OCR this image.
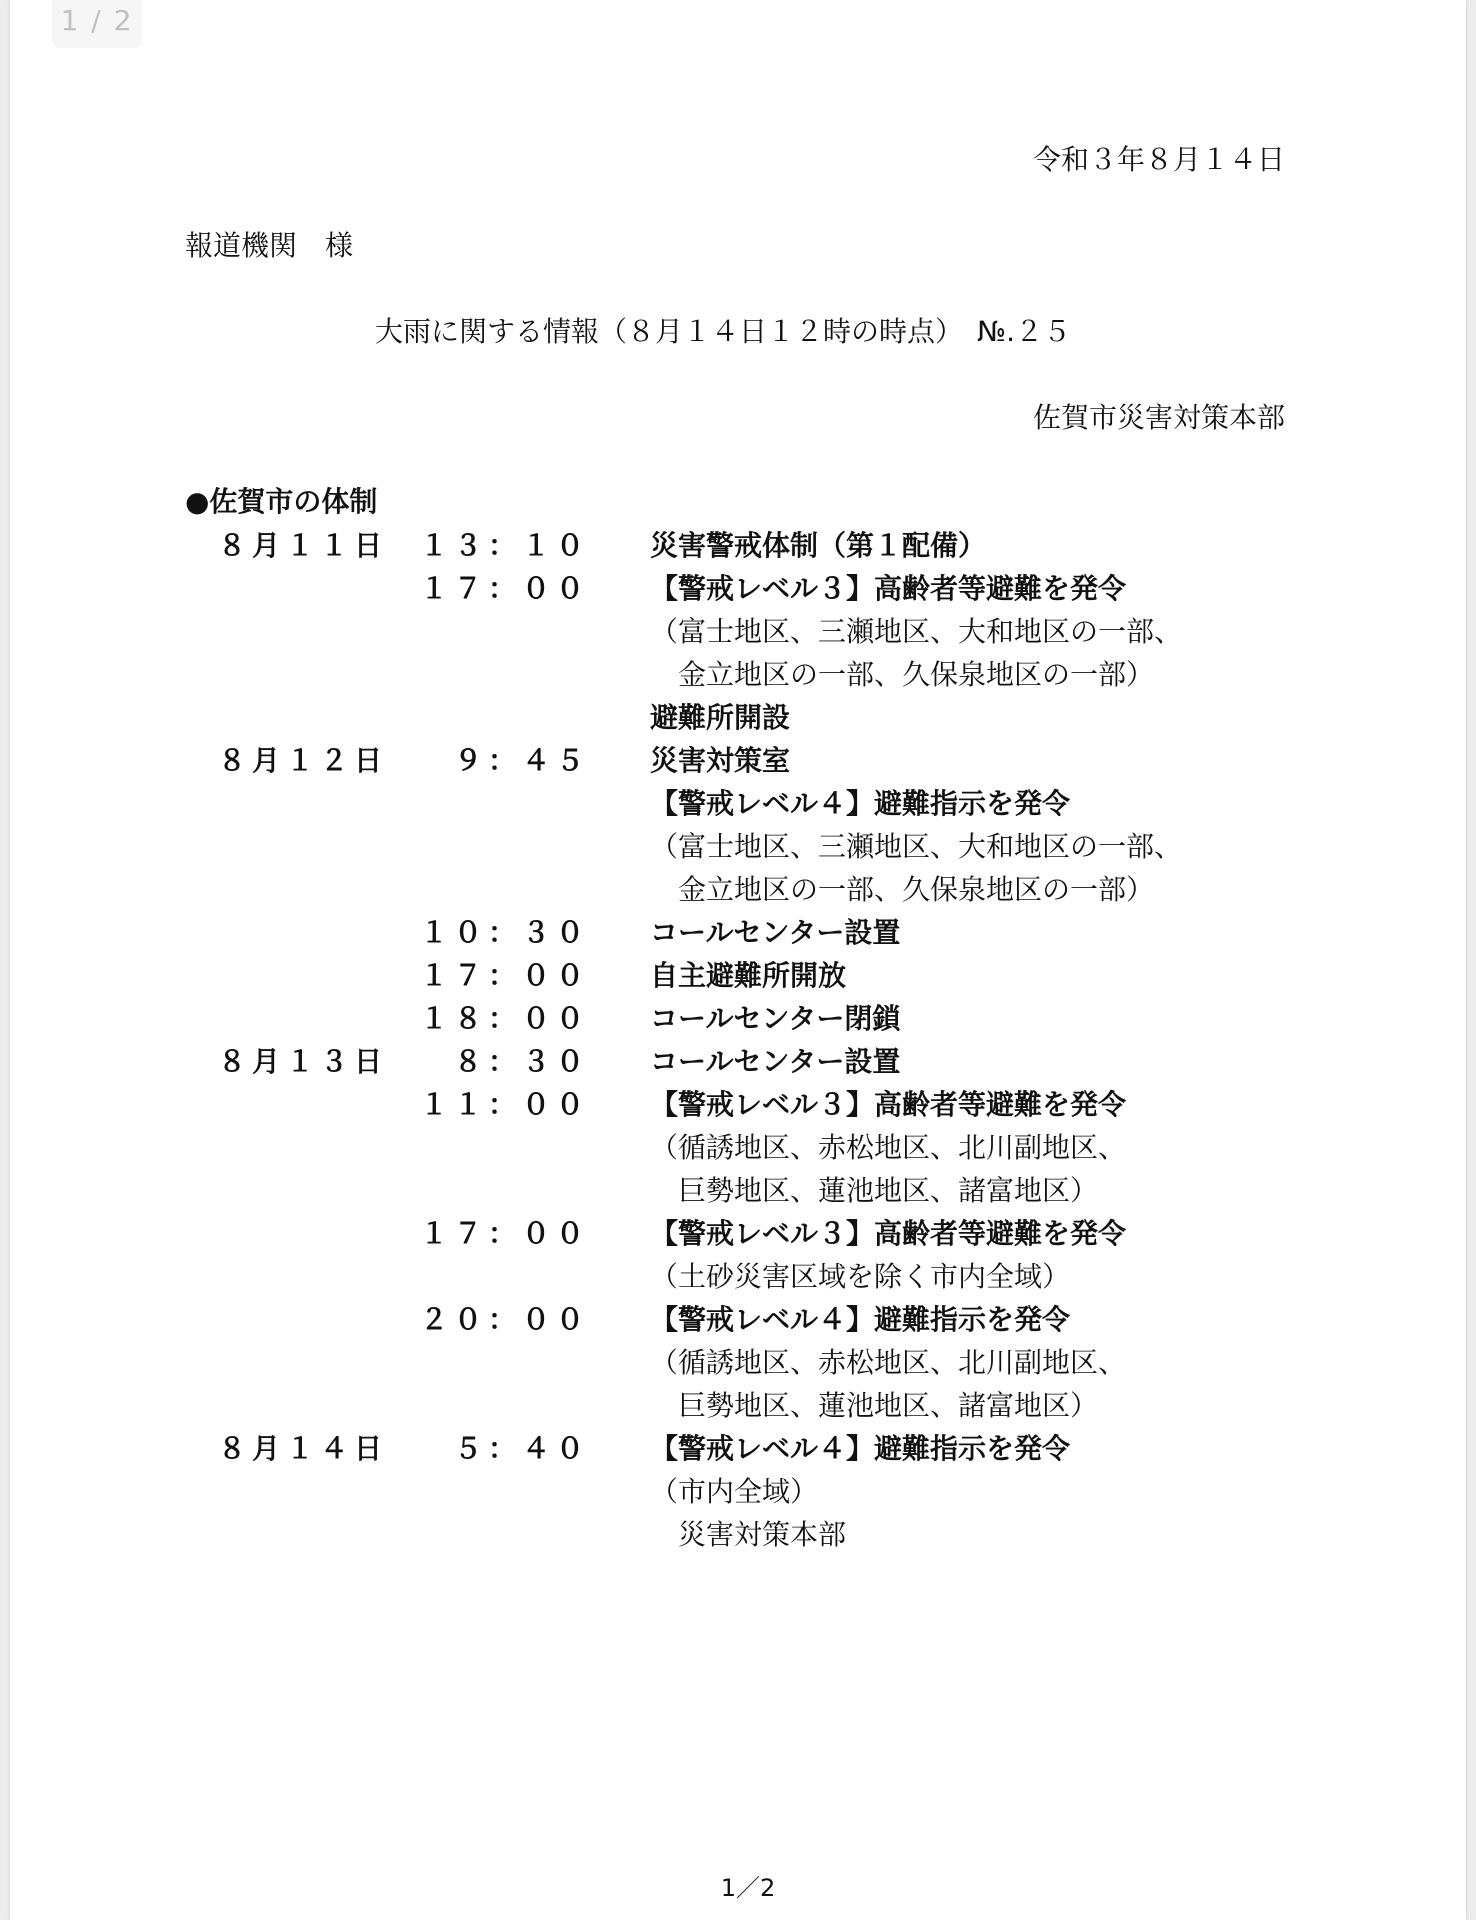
1 / 2
令和３年８月１４日
報道機関　様
大雨に関する情報（８月１４日１２時の時点）　№.２５
佐賀市災害対策本部
●佐賀市の体制
８月１１日	１３：１０ 災害警戒体制（第１配備）
１７：００ 【警戒レベル３】高齢者等避難を発令
（富士地区、三瀬地区、大和地区の一部、
　金立地区の一部、久保泉地区の一部）
避難所開設
８月１２日	９：４５ 災害対策室
【警戒レベル４】避難指示を発令
（富士地区、三瀬地区、大和地区の一部、
　金立地区の一部、久保泉地区の一部）
１０：３０ コールセンター設置
１７：００ 自主避難所開放
１８：００ コールセンター閉鎖
８月１３日	８：３０ コールセンター設置
１１：００ 【警戒レベル３】高齢者等避難を発令
（循誘地区、赤松地区、北川副地区、
　巨勢地区、蓮池地区、諸富地区）
１７：００ 【警戒レベル３】高齢者等避難を発令
（土砂災害区域を除く市内全域）
２０：００ 【警戒レベル４】避難指示を発令
（循誘地区、赤松地区、北川副地区、
　巨勢地区、蓮池地区、諸富地区）
８月１４日	５：４０ 【警戒レベル４】避難指示を発令
（市内全域）
　災害対策本部
1／2
